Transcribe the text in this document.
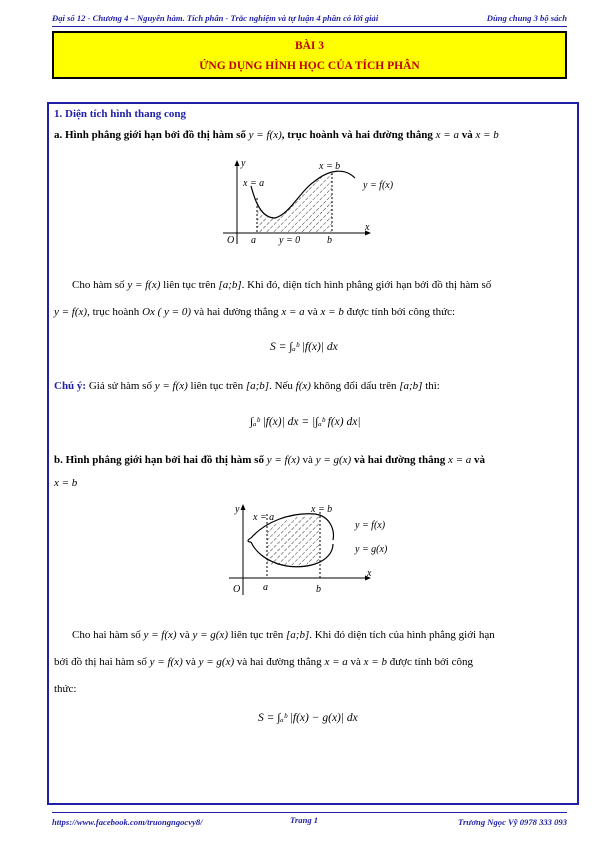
Đại số 12 - Chương 4 – Nguyên hàm. Tích phân - Trắc nghiệm và tự luận 4 phần có lời giải	Dùng chung 3 bộ sách
BÀI 3
ỨNG DỤNG HÌNH HỌC CỦA TÍCH PHÂN
1. Diện tích hình thang cong
a. Hình phẳng giới hạn bởi đồ thị hàm số y = f(x), trục hoành và hai đường thẳng x = a và x = b
y
x
O a	b
y = 0
x = a
x = b
y = f(x)
Cho hàm số y = f(x) liên tục trên [a;b]. Khi đó, diện tích hình phẳng giới hạn bởi đồ thị hàm số
y = f(x), trục hoành Ox ( y = 0) và hai đường thẳng x = a và x = b được tính bởi công thức:
S = ∫ₐᵇ |f(x)| dx
Chú ý: Giả sử hàm số y = f(x) liên tục trên [a;b]. Nếu f(x) không đổi dấu trên [a;b] thì:
∫ₐᵇ |f(x)| dx = |∫ₐᵇ f(x) dx|
b. Hình phẳng giới hạn bởi hai đồ thị hàm số y = f(x) và y = g(x) và hai đường thẳng x = a và
x = b
y
x
O a	b
x = a
x = b
y = f(x)
y = g(x)
Cho hai hàm số y = f(x) và y = g(x) liên tục trên [a;b]. Khi đó diện tích của hình phẳng giới hạn
bởi đồ thị hai hàm số y = f(x) và y = g(x) và hai đường thẳng x = a và x = b được tính bởi công
thức:
S = ∫ₐᵇ |f(x) − g(x)| dx
https://www.facebook.com/truongngocvy8/	Trang 1	Trương Ngọc Vỹ 0978 333 093
